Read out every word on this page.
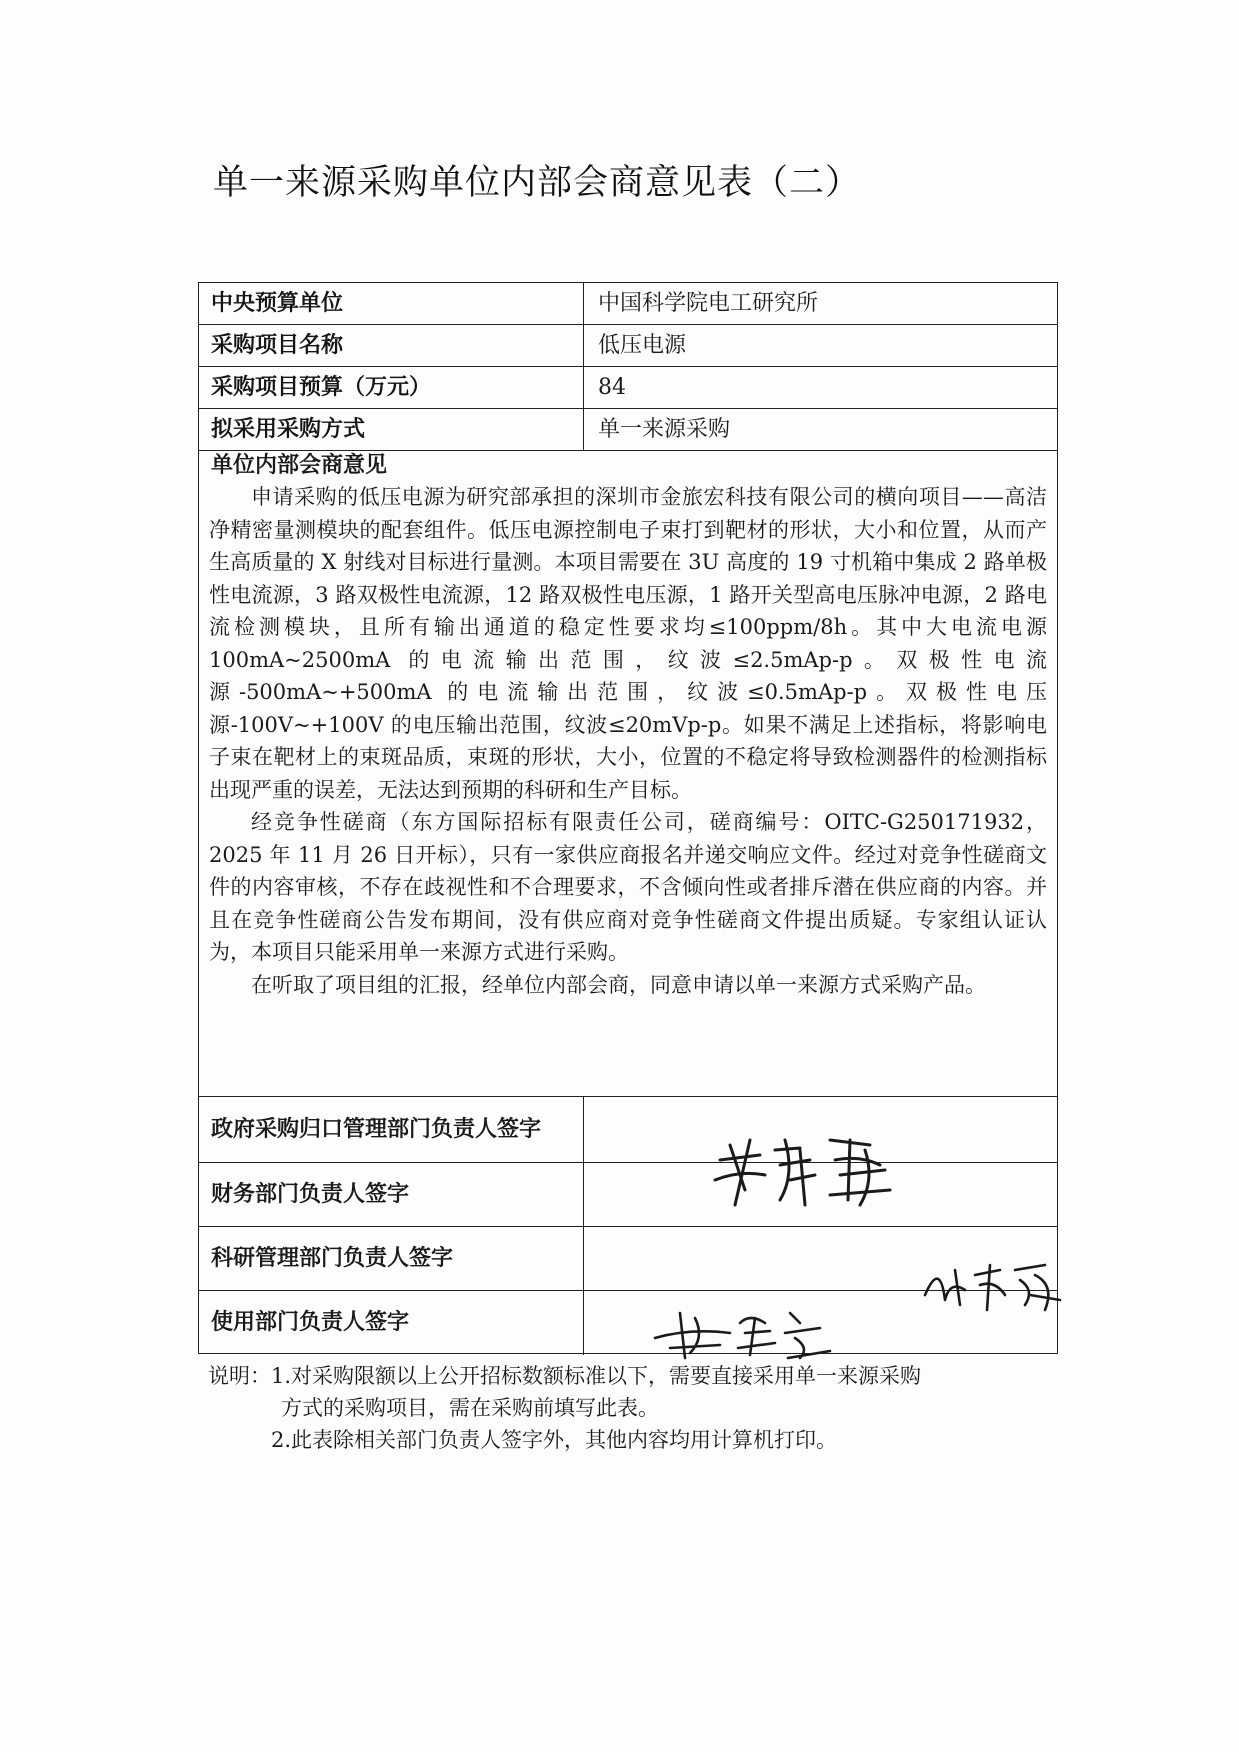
单一来源采购单位内部会商意见表（二）
中央预算单位	中国科学院电工研究所
采购项目名称	低压电源
采购项目预算（万元）	84
拟采用采购方式	单一来源采购
单位内部会商意见

申请采购的低压电源为研究部承担的深圳市金旅宏科技有限公司的横向项目——高洁净精密量测模块的配套组件。低压电源控制电子束打到靶材的形状，大小和位置，从而产生高质量的 X 射线对目标进行量测。本项目需要在 3U 高度的 19 寸机箱中集成 2 路单极性电流源，3 路双极性电流源，12 路双极性电压源，1 路开关型高电压脉冲电源，2 路电流检测模块，且所有输出通道的稳定性要求均≤100ppm/8h。其中大电流电源 100mA~2500mA 的电流输出范围，纹波≤2.5mAp-p。双极性电流源-500mA~+500mA 的电流输出范围，纹波≤0.5mAp-p。双极性电压源-100V~+100V 的电压输出范围，纹波≤20mVp-p。如果不满足上述指标，将影响电子束在靶材上的束斑品质，束斑的形状，大小，位置的不稳定将导致检测器件的检测指标出现严重的误差，无法达到预期的科研和生产目标。

经竞争性磋商（东方国际招标有限责任公司，磋商编号：OITC-G250171932，2025 年 11 月 26 日开标），只有一家供应商报名并递交响应文件。经过对竞争性磋商文件的内容审核，不存在歧视性和不合理要求，不含倾向性或者排斥潜在供应商的内容。并且在竞争性磋商公告发布期间，没有供应商对竞争性磋商文件提出质疑。专家组认证认为，本项目只能采用单一来源方式进行采购。

在听取了项目组的汇报，经单位内部会商，同意申请以单一来源方式采购产品。

政府采购归口管理部门负责人签字
财务部门负责人签字
科研管理部门负责人签字
使用部门负责人签字
说明： 1.对采购限额以上公开招标数额标准以下，需要直接采用单一来源采购
方式的采购项目，需在采购前填写此表。
2.此表除相关部门负责人签字外，其他内容均用计算机打印。
